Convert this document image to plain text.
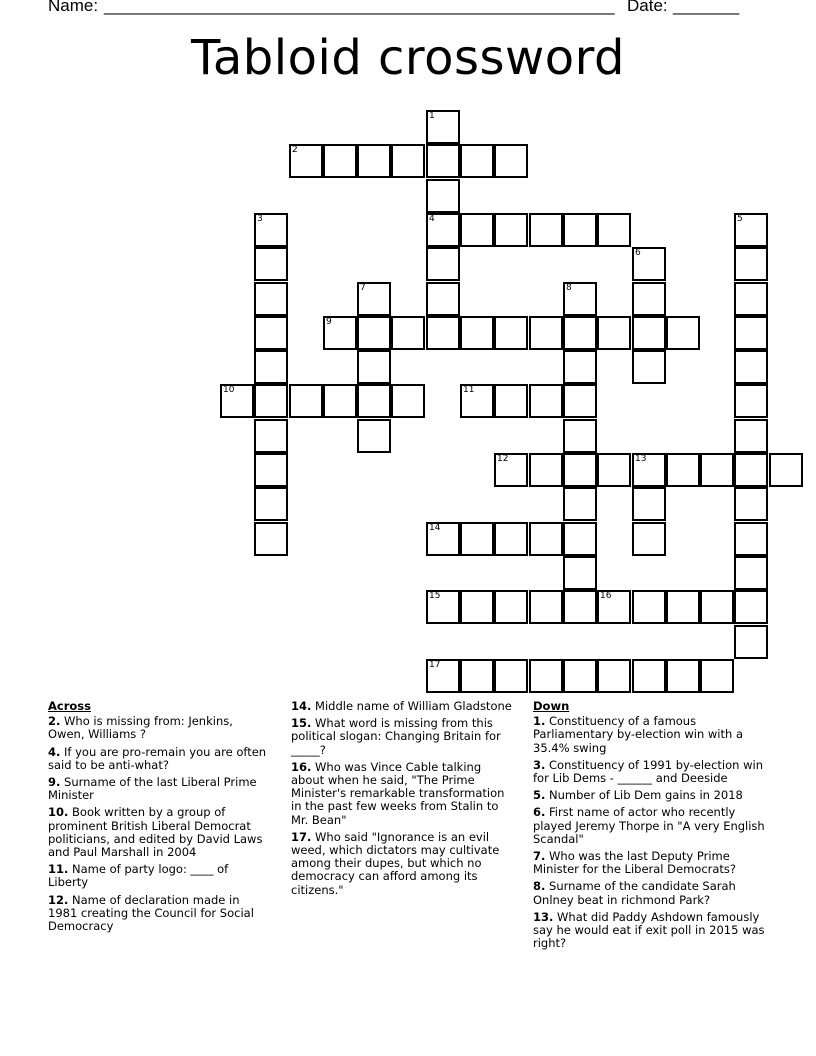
Name: ______________________________________________________ Date: _______
Tabloid crossword
1
4
2
3	5
6
7	8
9
10	11
12	13
14
15	16
17
Across
2. Who is missing from: Jenkins, Owen, Williams ?
4. If you are pro-remain you are often said to be anti-what?
9. Surname of the last Liberal Prime Minister
10. Book written by a group of prominent British Liberal Democrat politicians, and edited by David Laws and Paul Marshall in 2004
11. Name of party logo: ____ of Liberty
12. Name of declaration made in 1981 creating the Council for Social Democracy
14. Middle name of William Gladstone
15. What word is missing from this political slogan: Changing Britain for _____?
16. Who was Vince Cable talking about when he said, "The Prime Minister's remarkable transformation in the past few weeks from Stalin to Mr. Bean"
17. Who said "Ignorance is an evil weed, which dictators may cultivate among their dupes, but which no democracy can afford among its citizens."
Down
1. Constituency of a famous Parliamentary by-election win with a 35.4% swing
3. Constituency of 1991 by-election win for Lib Dems - ______ and Deeside
5. Number of Lib Dem gains in 2018
6. First name of actor who recently played Jeremy Thorpe in "A very English Scandal"
7. Who was the last Deputy Prime Minister for the Liberal Democrats?
8. Surname of the candidate Sarah Onlney beat in richmond Park?
13. What did Paddy Ashdown famously say he would eat if exit poll in 2015 was right?
